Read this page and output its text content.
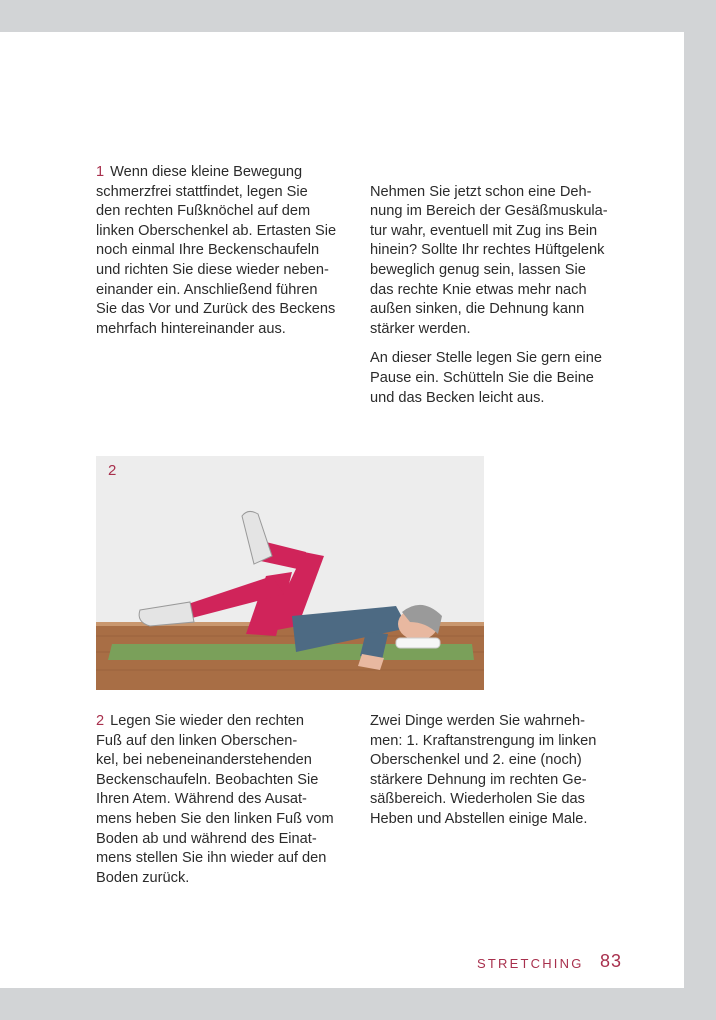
1 Wenn diese kleine Bewegung
schmerzfrei stattfindet, legen Sie
den rechten Fußknöchel auf dem
linken Oberschenkel ab. Ertasten Sie
noch einmal Ihre Beckenschaufeln
und richten Sie diese wieder neben-
einander ein. Anschließend führen
Sie das Vor und Zurück des Beckens
mehrfach hintereinander aus.

Nehmen Sie jetzt schon eine Deh-
nung im Bereich der Gesäßmuskula-
tur wahr, eventuell mit Zug ins Bein
hinein? Sollte Ihr rechtes Hüftgelenk
beweglich genug sein, lassen Sie
das rechte Knie etwas mehr nach
außen sinken, die Dehnung kann
stärker werden.

An dieser Stelle legen Sie gern eine
Pause ein. Schütteln Sie die Beine
und das Becken leicht aus.

2

2 Legen Sie wieder den rechten
Fuß auf den linken Oberschen-
kel, bei nebeneinanderstehenden
Beckenschaufeln. Beobachten Sie
Ihren Atem. Während des Ausat-
mens heben Sie den linken Fuß vom
Boden ab und während des Einat-
mens stellen Sie ihn wieder auf den
Boden zurück.

Zwei Dinge werden Sie wahrneh-
men: 1. Kraftanstrengung im linken
Oberschenkel und 2. eine (noch)
stärkere Dehnung im rechten Ge-
säßbereich. Wiederholen Sie das
Heben und Abstellen einige Male.

STRETCHING 83
